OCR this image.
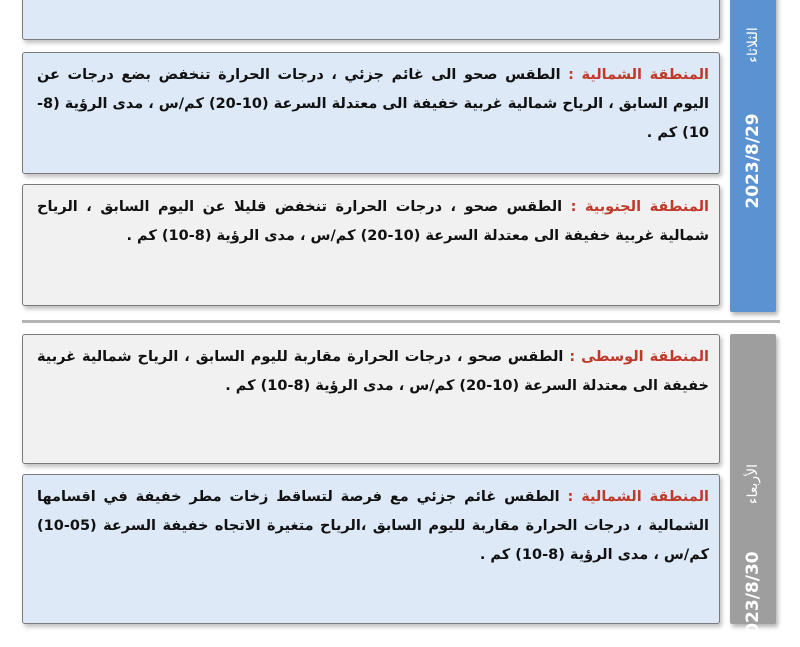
2023/8/29
الثلاثاء

المنطقة الشمالية : الطقس صحو الى غائم جزئي ، درجات الحرارة تنخفض بضع درجات عن اليوم السابق ، الرياح شمالية غربية خفيفة الى معتدلة السرعة (10-20) كم/س ، مدى الرؤية (8-10) كم .

المنطقة الجنوبية : الطقس صحو ، درجات الحرارة تنخفض قليلا عن اليوم السابق ، الرياح شمالية غربية خفيفة الى معتدلة السرعة (10-20) كم/س ، مدى الرؤية (8-10) كم .

الأربعاء
2023/8/30

المنطقة الوسطى : الطقس صحو ، درجات الحرارة مقاربة لليوم السابق ، الرياح شمالية غربية خفيفة الى معتدلة السرعة (10-20) كم/س ، مدى الرؤية (8-10) كم .

المنطقة الشمالية : الطقس غائم جزئي مع فرصة لتساقط زخات مطر خفيفة في اقسامها الشمالية ، درجات الحرارة مقاربة لليوم السابق ،الرياح متغيرة الاتجاه خفيفة السرعة (05-10) كم/س ، مدى الرؤية (8-10) كم .
